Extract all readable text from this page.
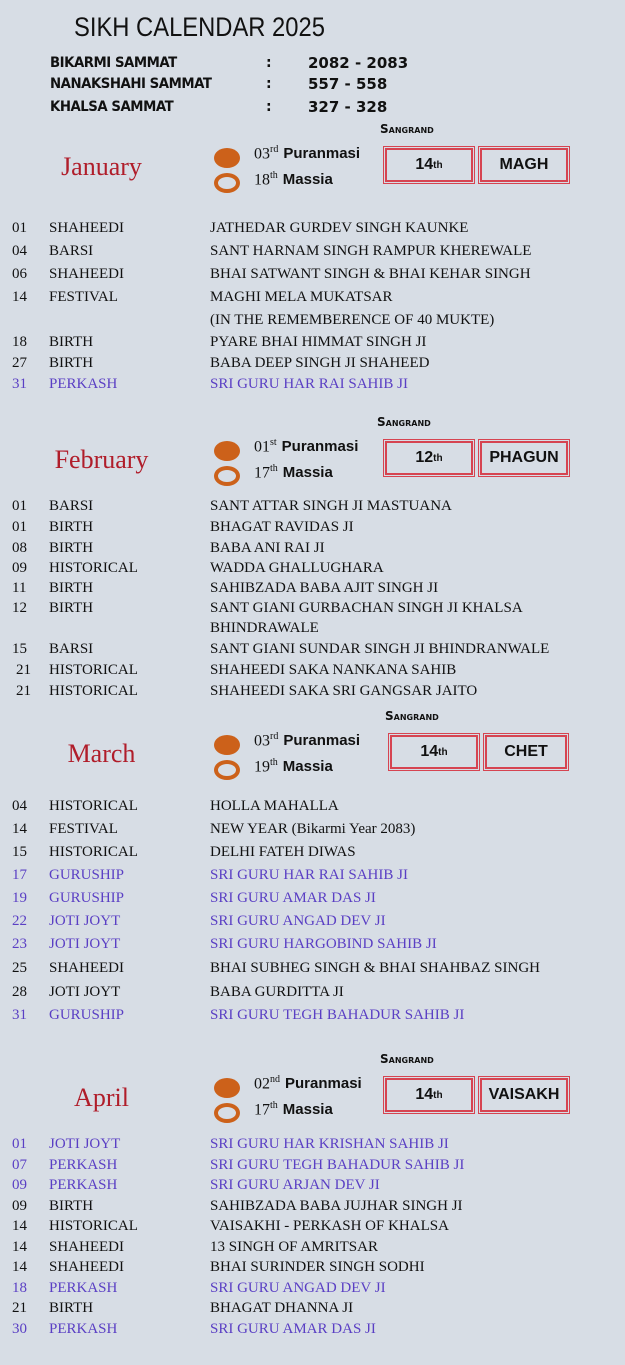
SIKH CALENDAR 2025
BIKARMI SAMMAT	: 2082 - 2083
NANAKSHAHI SAMMAT	: 557 - 558
KHALSA SAMMAT	: 327 - 328
Sangrand
January	03rd Puranmasi
18th Massia
14 th	MAGH
01 SHAHEEDI	JATHEDAR GURDEV SINGH KAUNKE
04 BARSI	SANT HARNAM SINGH RAMPUR KHEREWALE
06 SHAHEEDI	BHAI SATWANT SINGH & BHAI KEHAR SINGH
14 FESTIVAL	MAGHI MELA MUKATSAR
(IN THE REMEMBERENCE OF 40 MUKTE)
18 BIRTH	PYARE BHAI HIMMAT SINGH JI
27 BIRTH	BABA DEEP SINGH JI SHAHEED
31 PERKASH	SRI GURU HAR RAI SAHIB JI
Sangrand
February	01st Puranmasi
17th Massia
12 th	PHAGUN
01 BARSI	SANT ATTAR SINGH JI MASTUANA
01 BIRTH	BHAGAT RAVIDAS JI
08 BIRTH	BABA ANI RAI JI
09 HISTORICAL	WADDA GHALLUGHARA
11 BIRTH	SAHIBZADA BABA AJIT SINGH JI
12 BIRTH	SANT GIANI GURBACHAN SINGH JI KHALSA
BHINDRAWALE
15 BARSI	SANT GIANI SUNDAR SINGH JI BHINDRANWALE
21 HISTORICAL	SHAHEEDI SAKA NANKANA SAHIB
21 HISTORICAL	SHAHEEDI SAKA SRI GANGSAR JAITO
Sangrand
March	03rd Puranmasi
19th Massia
14 th	CHET
04 HISTORICAL	HOLLA MAHALLA
14 FESTIVAL	NEW YEAR (Bikarmi Year 2083)
15 HISTORICAL	DELHI FATEH DIWAS
17 GURUSHIP	SRI GURU HAR RAI SAHIB JI
19 GURUSHIP	SRI GURU AMAR DAS JI
22 JOTI JOYT	SRI GURU ANGAD DEV JI
23 JOTI JOYT	SRI GURU HARGOBIND SAHIB JI
25 SHAHEEDI	BHAI SUBHEG SINGH & BHAI SHAHBAZ SINGH
28 JOTI JOYT	BABA GURDITTA JI
31 GURUSHIP	SRI GURU TEGH BAHADUR SAHIB JI
Sangrand
April	02nd Puranmasi
17th Massia
14 th	VAISAKH
01 JOTI JOYT	SRI GURU HAR KRISHAN SAHIB JI
07 PERKASH	SRI GURU TEGH BAHADUR SAHIB JI
09 PERKASH	SRI GURU ARJAN DEV JI
09 BIRTH	SAHIBZADA BABA JUJHAR SINGH JI
14 HISTORICAL	VAISAKHI - PERKASH OF KHALSA
14 SHAHEEDI	13 SINGH OF AMRITSAR
14 SHAHEEDI	BHAI SURINDER SINGH SODHI
18 PERKASH	SRI GURU ANGAD DEV JI
21 BIRTH	BHAGAT DHANNA JI
30 PERKASH	SRI GURU AMAR DAS JI
